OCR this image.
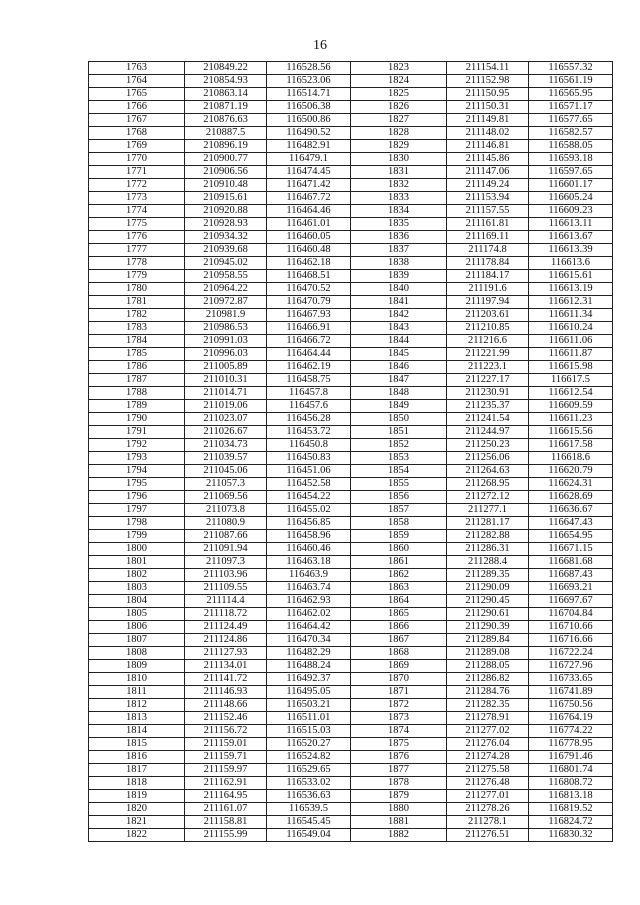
16
1763	210849.22	116528.56	1823	211154.11	116557.32
1764	210854.93	116523.06	1824	211152.98	116561.19
1765	210863.14	116514.71	1825	211150.95	116565.95
1766	210871.19	116506.38	1826	211150.31	116571.17
1767	210876.63	116500.86	1827	211149.81	116577.65
1768	210887.5	116490.52	1828	211148.02	116582.57
1769	210896.19	116482.91	1829	211146.81	116588.05
1770	210900.77	116479.1	1830	211145.86	116593.18
1771	210906.56	116474.45	1831	211147.06	116597.65
1772	210910.48	116471.42	1832	211149.24	116601.17
1773	210915.61	116467.72	1833	211153.94	116605.24
1774	210920.88	116464.46	1834	211157.55	116609.23
1775	210928.93	116461.01	1835	211161.81	116613.11
1776	210934.32	116460.05	1836	211169.11	116613.67
1777	210939.68	116460.48	1837	211174.8	116613.39
1778	210945.02	116462.18	1838	211178.84	116613.6
1779	210958.55	116468.51	1839	211184.17	116615.61
1780	210964.22	116470.52	1840	211191.6	116613.19
1781	210972.87	116470.79	1841	211197.94	116612.31
1782	210981.9	116467.93	1842	211203.61	116611.34
1783	210986.53	116466.91	1843	211210.85	116610.24
1784	210991.03	116466.72	1844	211216.6	116611.06
1785	210996.03	116464.44	1845	211221.99	116611.87
1786	211005.89	116462.19	1846	211223.1	116615.98
1787	211010.31	116458.75	1847	211227.17	116617.5
1788	211014.71	116457.8	1848	211230.91	116612.54
1789	211019.06	116457.6	1849	211235.37	116609.59
1790	211023.07	116456.28	1850	211241.54	116611.23
1791	211026.67	116453.72	1851	211244.97	116615.56
1792	211034.73	116450.8	1852	211250.23	116617.58
1793	211039.57	116450.83	1853	211256.06	116618.6
1794	211045.06	116451.06	1854	211264.63	116620.79
1795	211057.3	116452.58	1855	211268.95	116624.31
1796	211069.56	116454.22	1856	211272.12	116628.69
1797	211073.8	116455.02	1857	211277.1	116636.67
1798	211080.9	116456.85	1858	211281.17	116647.43
1799	211087.66	116458.96	1859	211282.88	116654.95
1800	211091.94	116460.46	1860	211286.31	116671.15
1801	211097.3	116463.18	1861	211288.4	116681.68
1802	211103.96	116463.9	1862	211289.35	116687.43
1803	211109.55	116463.74	1863	211290.09	116693.21
1804	211114.4	116462.93	1864	211290.45	116697.67
1805	211118.72	116462.02	1865	211290.61	116704.84
1806	211124.49	116464.42	1866	211290.39	116710.66
1807	211124.86	116470.34	1867	211289.84	116716.66
1808	211127.93	116482.29	1868	211289.08	116722.24
1809	211134.01	116488.24	1869	211288.05	116727.96
1810	211141.72	116492.37	1870	211286.82	116733.65
1811	211146.93	116495.05	1871	211284.76	116741.89
1812	211148.66	116503.21	1872	211282.35	116750.56
1813	211152.46	116511.01	1873	211278.91	116764.19
1814	211156.72	116515.03	1874	211277.02	116774.22
1815	211159.01	116520.27	1875	211276.04	116778.95
1816	211159.71	116524.82	1876	211274.28	116791.46
1817	211159.97	116529.65	1877	211275.58	116801.74
1818	211162.91	116533.02	1878	211276.48	116808.72
1819	211164.95	116536.63	1879	211277.01	116813.18
1820	211161.07	116539.5	1880	211278.26	116819.52
1821	211158.81	116545.45	1881	211278.1	116824.72
1822	211155.99	116549.04	1882	211276.51	116830.32
